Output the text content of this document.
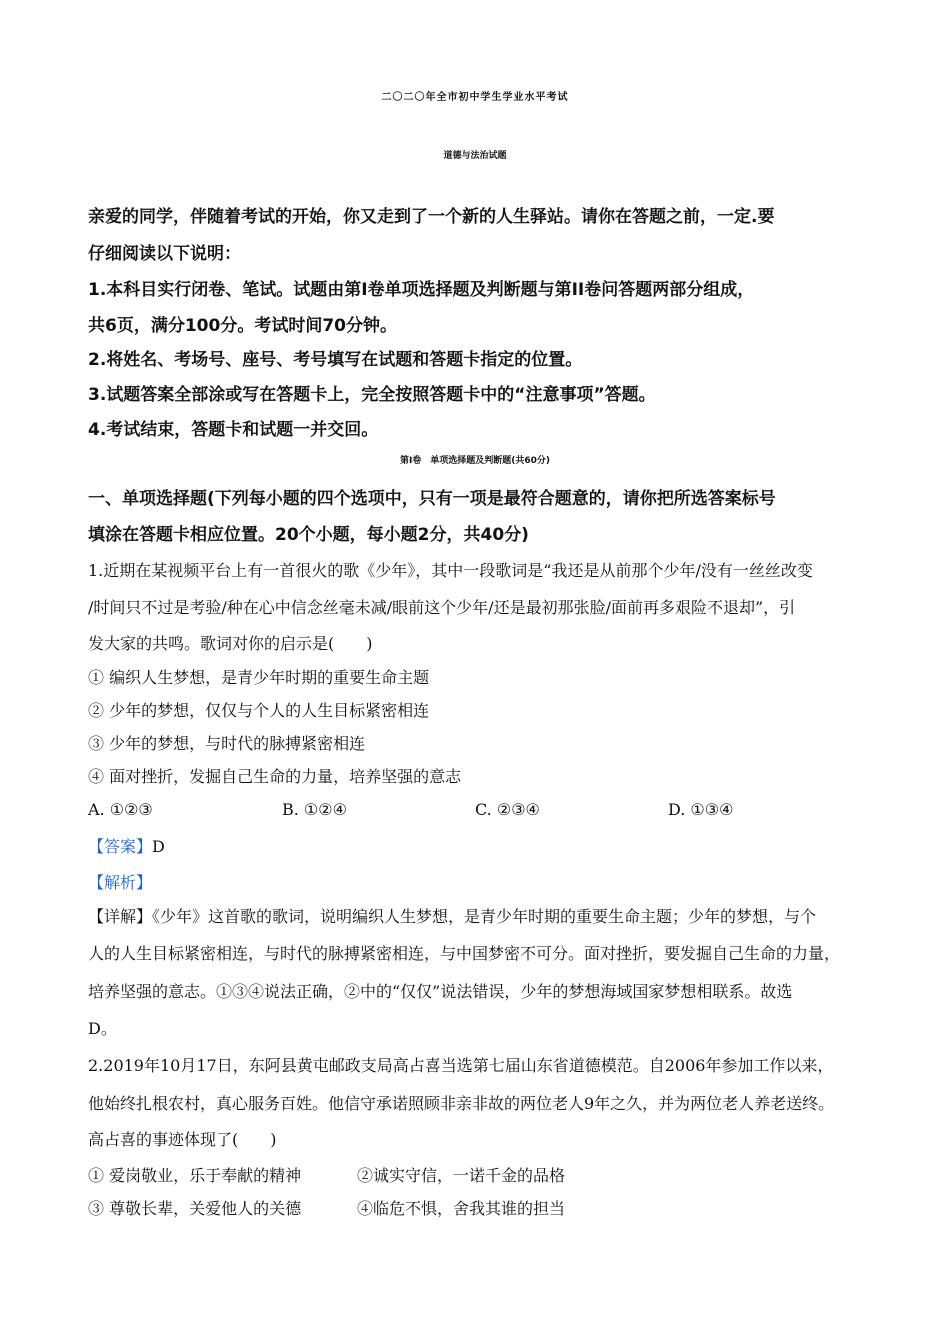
二〇二〇年全市初中学生学业水平考试
道德与法治试题
亲爱的同学，伴随着考试的开始，你又走到了一个新的人生驿站。请你在答题之前，一定.要
仔细阅读以下说明：
1.本科目实行闭卷、笔试。试题由第Ⅰ卷单项选择题及判断题与第II卷问答题两部分组成，
共6页，满分100分。考试时间70分钟。
2.将姓名、考场号、座号、考号填写在试题和答题卡指定的位置。
3.试题答案全部涂或写在答题卡上，完全按照答题卡中的“注意事项”答题。
4.考试结束，答题卡和试题一并交回。
第Ⅰ卷　单项选择题及判断题(共60分)
一、单项选择题(下列每小题的四个选项中，只有一项是最符合题意的，请你把所选答案标号
填涂在答题卡相应位置。20个小题，每小题2分，共40分)
1.近期在某视频平台上有一首很火的歌《少年》，其中一段歌词是“我还是从前那个少年/没有一丝丝改变
/时间只不过是考验/种在心中信念丝毫未减/眼前这个少年/还是最初那张脸/面前再多艰险不退却”，引
发大家的共鸣。歌词对你的启示是(　　)
① 编织人生梦想，是青少年时期的重要生命主题
② 少年的梦想，仅仅与个人的人生目标紧密相连
③ 少年的梦想，与时代的脉搏紧密相连
④ 面对挫折，发掘自己生命的力量，培养坚强的意志
A. ①②③	B. ①②④	C. ②③④	D. ①③④
【答案】D
【解析】
【详解】《少年》这首歌的歌词，说明编织人生梦想，是青少年时期的重要生命主题；少年的梦想，与个
人的人生目标紧密相连，与时代的脉搏紧密相连，与中国梦密不可分。面对挫折，要发掘自己生命的力量，
培养坚强的意志。①③④说法正确，②中的“仅仅”说法错误，少年的梦想海域国家梦想相联系。故选
D。
2.2019年10月17日，东阿县黄屯邮政支局高占喜当选第七届山东省道德模范。自2006年参加工作以来，
他始终扎根农村，真心服务百姓。他信守承诺照顾非亲非故的两位老人9年之久，并为两位老人养老送终。
高占喜的事迹体现了(　　)
① 爱岗敬业，乐于奉献的精神	②诚实守信，一诺千金的品格
③ 尊敬长辈，关爱他人的关德	④临危不惧，舍我其谁的担当
